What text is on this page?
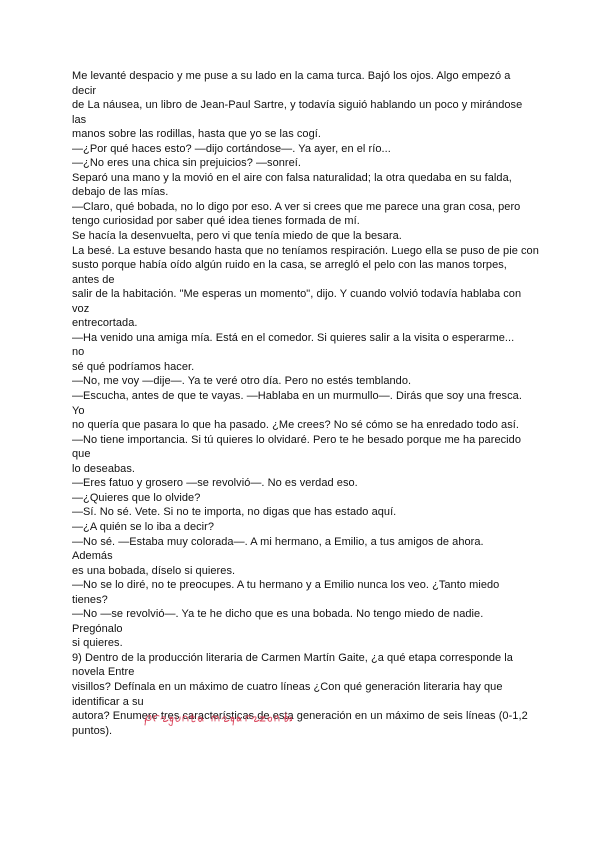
Me levanté despacio y me puse a su lado en la cama turca. Bajó los ojos. Algo empezó a
decir
de La náusea, un libro de Jean-Paul Sartre, y todavía siguió hablando un poco y mirándose
las
manos sobre las rodillas, hasta que yo se las cogí.
—¿Por qué haces esto? —dijo cortándose—. Ya ayer, en el río...
—¿No eres una chica sin prejuicios? —sonreí.
Separó una mano y la movió en el aire con falsa naturalidad; la otra quedaba en su falda,
debajo de las mías.
—Claro, qué bobada, no lo digo por eso. A ver si crees que me parece una gran cosa, pero
tengo curiosidad por saber qué idea tienes formada de mí.
Se hacía la desenvuelta, pero vi que tenía miedo de que la besara.
La besé. La estuve besando hasta que no teníamos respiración. Luego ella se puso de pie con
susto porque había oído algún ruido en la casa, se arregló el pelo con las manos torpes,
antes de
salir de la habitación. "Me esperas un momento", dijo. Y cuando volvió todavía hablaba con
voz
entrecortada.
—Ha venido una amiga mía. Está en el comedor. Si quieres salir a la visita o esperarme...
no
sé qué podríamos hacer.
—No, me voy —dije—. Ya te veré otro día. Pero no estés temblando.
—Escucha, antes de que te vayas. —Hablaba en un murmullo—. Dirás que soy una fresca.
Yo
no quería que pasara lo que ha pasado. ¿Me crees? No sé cómo se ha enredado todo así.
—No tiene importancia. Si tú quieres lo olvidaré. Pero te he besado porque me ha parecido
que
lo deseabas.
—Eres fatuo y grosero —se revolvió—. No es verdad eso.
—¿Quieres que lo olvide?
—Sí. No sé. Vete. Si no te importa, no digas que has estado aquí.
—¿A quién se lo iba a decir?
—No sé. —Estaba muy colorada—. A mi hermano, a Emilio, a tus amigos de ahora.
Además
es una bobada, díselo si quieres.
—No se lo diré, no te preocupes. A tu hermano y a Emilio nunca los veo. ¿Tanto miedo
tienes?
—No —se revolvió—. Ya te he dicho que es una bobada. No tengo miedo de nadie.
Pregónalo
si quieres.
9) Dentro de la producción literaria de Carmen Martín Gaite, ¿a qué etapa corresponde la
novela Entre
visillos? Defínala en un máximo de cuatro líneas ¿Con qué generación literaria hay que
identificar a su
autora? Enumere tres características de esta generación en un máximo de seis líneas (0-1,2
puntos).
